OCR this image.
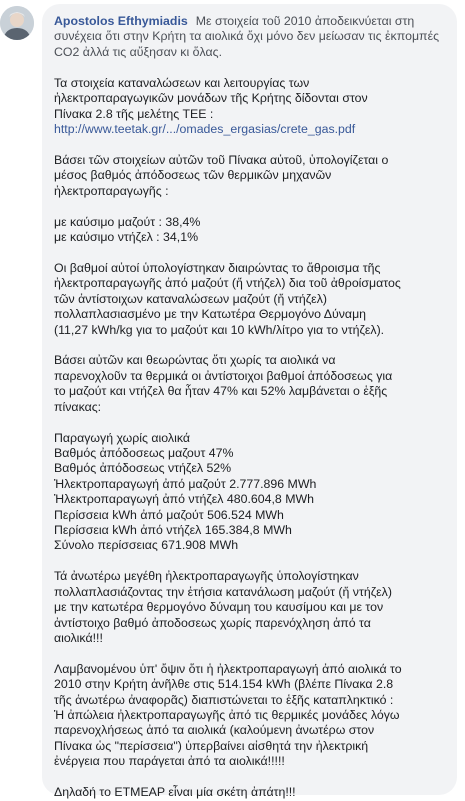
Apostolos Efthymiadis Με στοιχεία τοῦ 2010 ἀποδεικνύεται στη συνέχεια ὅτι στην Κρήτη τα αιολικά ὄχι μόνο δεν μείωσαν τις ἐκπομπές CO2 ἀλλά τις αὔξησαν κι ὅλας.

Τα στοιχεία καταναλώσεων και λειτουργίας των
ἠλεκτροπαραγωγικῶν μονάδων τῆς Κρήτης δίδονται στον
Πίνακα 2.8 τῆς μελέτης ΤΕΕ :
http://www.teetak.gr/.../omades_ergasias/crete_gas.pdf

Βάσει τῶν στοιχείων αὐτῶν τοῦ Πίνακα αὐτοῦ, ὑπολογίζεται ο
μέσος βαθμός ἀπόδοσεως τῶν θερμικῶν μηχανῶν
ἠλεκτροπαραγωγῆς :

με καύσιμο μαζούτ : 38,4%
με καύσιμο ντήζελ : 34,1%

Οι βαθμοί αὐτοί ὑπολογίστηκαν διαιρώντας το ἄθροισμα τῆς
ἠλεκτροπαραγωγῆς ἀπό μαζούτ (ἤ ντήζελ) δια τοῦ ἀθροίσματος
τῶν ἀντίστοιχων καταναλώσεων μαζούτ (ἤ ντήζελ)
πολλαπλασιασμένο με την Κατωτέρα Θερμογόνο Δύναμη
(11,27 kWh/kg για το μαζούτ και 10 kWh/λίτρο για το ντήζελ).

Βάσει αὐτῶν και θεωρώντας ὅτι χωρίς τα αιολικά να
παρενοχλοῦν τα θερμικά οι ἀντίστοιχοι βαθμοί ἀπόδοσεως για
το μαζούτ και ντήζελ θα ἦταν 47% και 52% λαμβάνεται ο ἑξῆς
πίνακας:

Παραγωγή χωρίς αιολικά
Βαθμός ἀπόδοσεως μαζουτ 47%
Βαθμός ἀπόδοσεως ντήζελ 52%
Ἠλεκτροπαραγωγή ἀπό μαζούτ 2.777.896 MWh
Ἠλεκτροπαραγωγή ἀπό ντήζελ 480.604,8 MWh
Περίσσεια kWh ἀπό μαζούτ 506.524 MWh
Περίσσεια kWh ἀπό ντήζελ 165.384,8 MWh
Σύνολο περίσσειας 671.908 MWh

Τά ἀνωτέρω μεγέθη ἠλεκτροπαραγωγῆς ὑπολογίστηκαν
πολλαπλασιάζοντας την ἐτήσια κατανάλωση μαζούτ (ἤ ντήζελ)
με την κατωτέρα θερμογόνο δύναμη του καυσίμου και με τον
ἀντίστοιχο βαθμό ἀποδοσεως χωρίς παρενόχληση ἀπό τα
αιολικά!!!

Λαμβανομένου ὑπ' ὄψιν ὅτι ἡ ἠλεκτροπαραγωγή ἀπό αιολικά το
2010 στην Κρήτη ἀνῆλθε στις 514.154 kWh (βλέπε Πίνακα 2.8
τῆς ἀνωτέρω ἀναφορᾶς) διαπιστώνεται το ἑξῆς καταπληκτικό :
Ἡ ἀπώλεια ἠλεκτροπαραγωγῆς ἀπό τις θερμικές μονάδες λόγω
παρενοχλήσεως ἀπό τα αιολικά (καλούμενη ἀνωτέρω στον
Πίνακα ὡς "περίσσεια") ὑπερβαίνει αἰσθητά την ἠλεκτρική
ἐνέργεια που παράγεται ἀπό τα αιολικά!!!!!

Δηλαδή το ΕΤΜΕΑΡ εἶναι μία σκέτη ἀπάτη!!!
